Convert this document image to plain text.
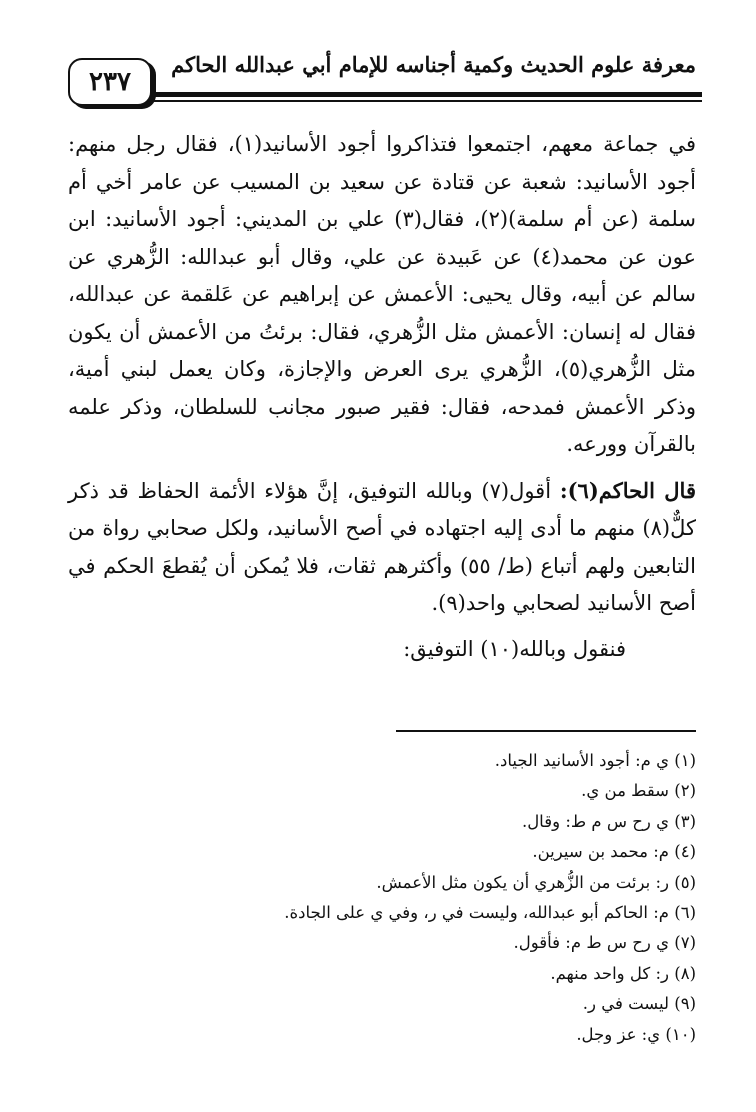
معرفة علوم الحديث وكمية أجناسه للإمام أبي عبدالله الحاكم
٢٣٧

في جماعة معهم، اجتمعوا فتذاكروا أجود الأسانيد(١)، فقال رجل منهم: أجود الأسانيد: شعبة عن قتادة عن سعيد بن المسيب عن عامر أخي أم سلمة (عن أم سلمة)(٢)، فقال(٣) علي بن المديني: أجود الأسانيد: ابن عون عن محمد(٤) عن عَبيدة عن علي، وقال أبو عبدالله: الزُّهري عن سالم عن أبيه، وقال يحيى: الأعمش عن إبراهيم عن عَلقمة عن عبدالله، فقال له إنسان: الأعمش مثل الزُّهري، فقال: برئتُ من الأعمش أن يكون مثل الزُّهري(٥)، الزُّهري يرى العرض والإجازة، وكان يعمل لبني أمية، وذكر الأعمش فمدحه، فقال: فقير صبور مجانب للسلطان، وذكر علمه بالقرآن وورعه.

قال الحاكم(٦): أقول(٧) وبالله التوفيق، إنَّ هؤلاء الأئمة الحفاظ قد ذكر كلٌّ(٨) منهم ما أدى إليه اجتهاده في أصح الأسانيد، ولكل صحابي رواة من التابعين ولهم أتباع (ط/ ٥٥) وأكثرهم ثقات، فلا يُمكن أن يُقطعَ الحكم في أصح الأسانيد لصحابي واحد(٩).

فنقول وبالله(١٠) التوفيق:

(١) ي م: أجود الأسانيد الجياد.
(٢) سقط من ي.
(٣) ي رح س م ط: وقال.
(٤) م: محمد بن سيرين.
(٥) ر: برئت من الزُّهري أن يكون مثل الأعمش.
(٦) م: الحاكم أبو عبدالله، وليست في ر، وفي ي على الجادة.
(٧) ي رح س ط م: فأقول.
(٨) ر: كل واحد منهم.
(٩) ليست في ر.
(١٠) ي: عز وجل.
